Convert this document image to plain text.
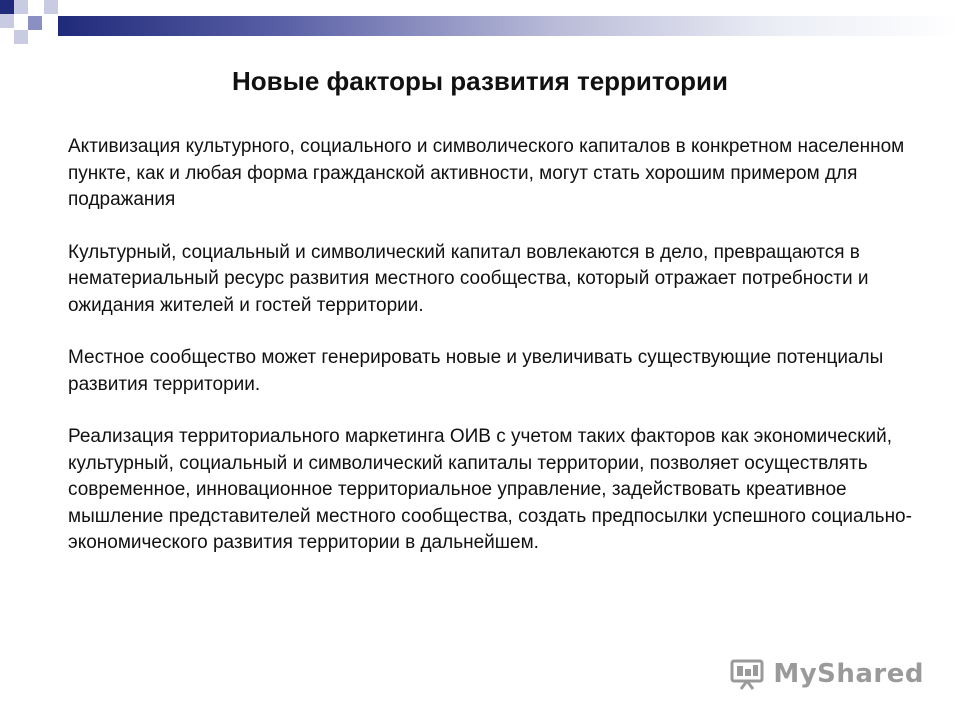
Новые факторы развития территории

Активизация культурного, социального и символического капиталов в конкретном населенном пункте, как и любая форма гражданской активности, могут стать хорошим примером для подражания

Культурный, социальный и символический капитал вовлекаются в дело, превращаются в нематериальный ресурс развития местного сообщества, который отражает потребности и ожидания жителей и гостей территории.

Местное сообщество может генерировать новые и увеличивать существующие потенциалы развития территории.

Реализация территориального маркетинга ОИВ с учетом таких факторов как экономический, культурный, социальный и символический капиталы территории, позволяет осуществлять современное, инновационное территориальное управление, задействовать креативное мышление представителей местного сообщества, создать предпосылки успешного социально-экономического развития территории в дальнейшем.

MyShared
